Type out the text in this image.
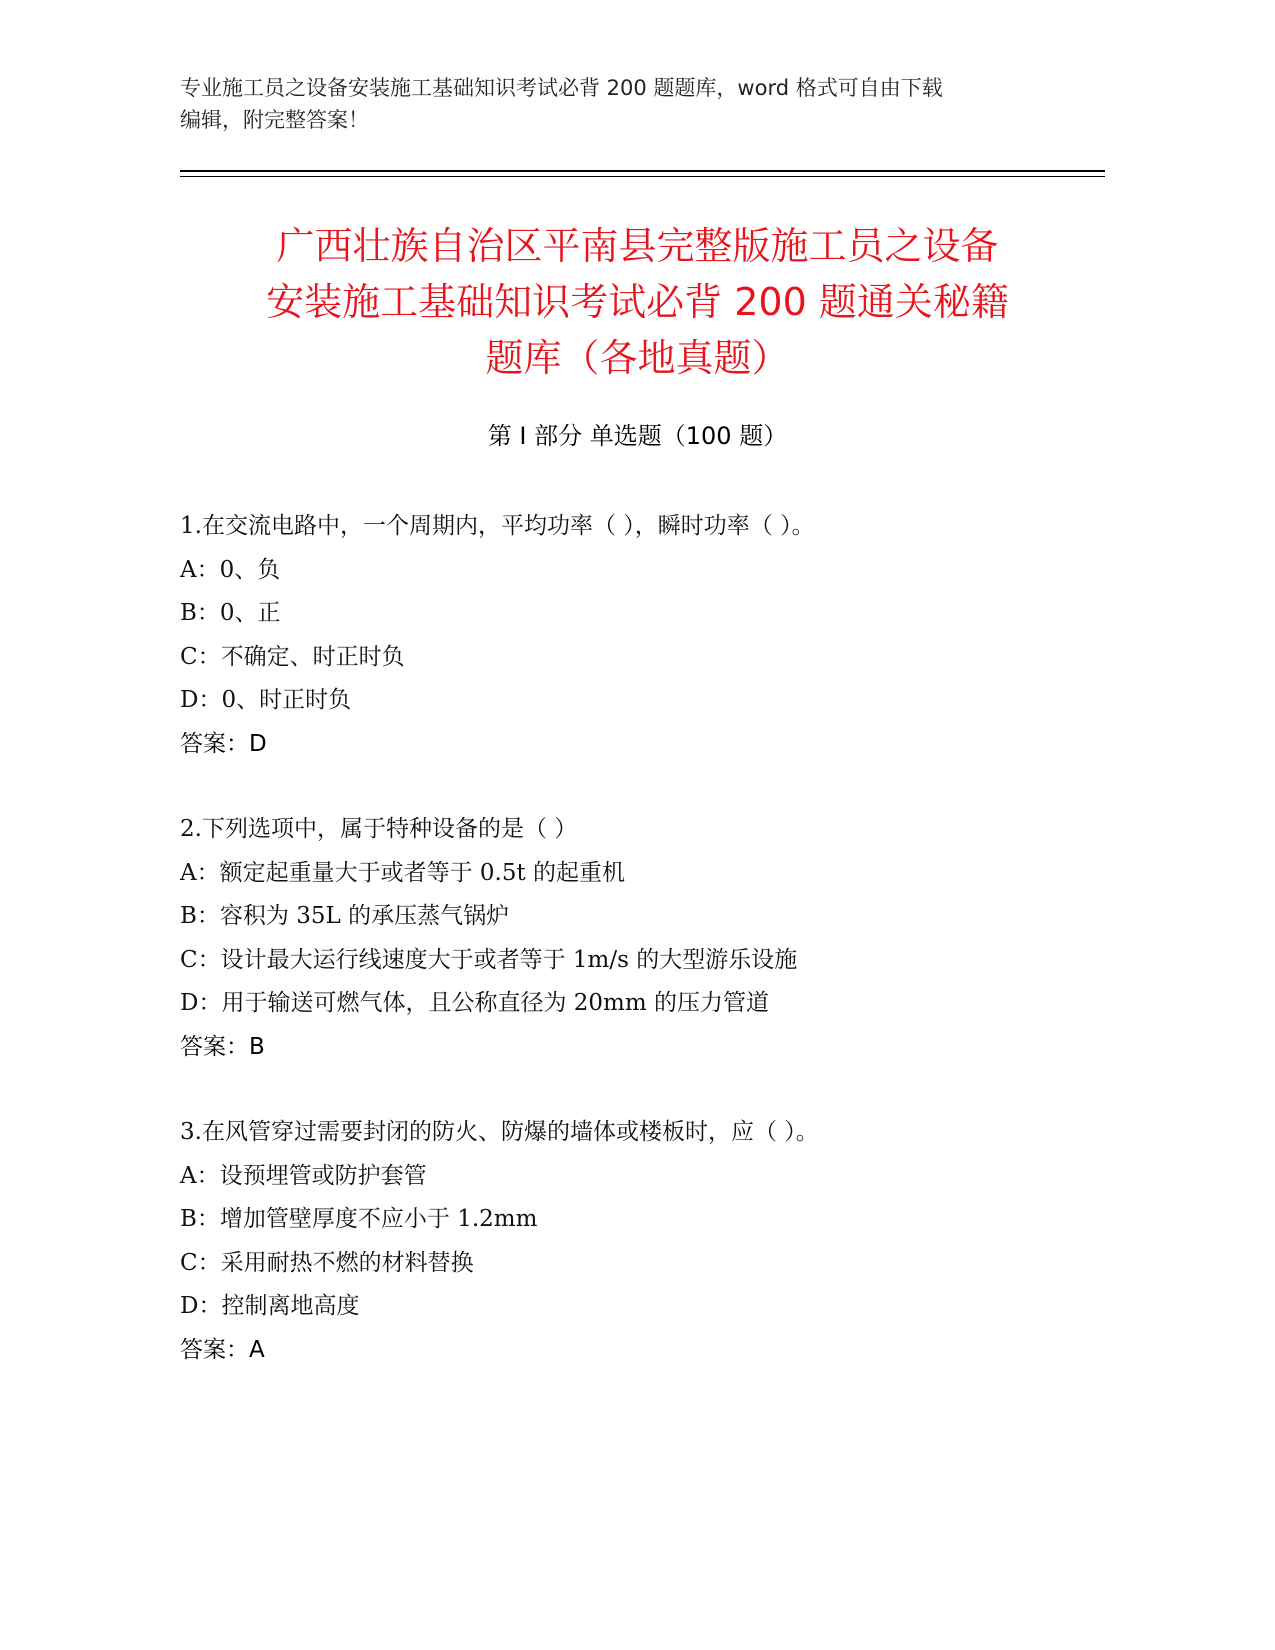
专业施工员之设备安装施工基础知识考试必背 200 题题库，word 格式可自由下载
编辑，附完整答案！
广西壮族自治区平南县完整版施工员之设备
安装施工基础知识考试必背 200 题通关秘籍
题库（各地真题）
第 I 部分 单选题（100 题）
1.在交流电路中，一个周期内，平均功率（ ），瞬时功率（ ）。
A：0、负
B：0、正
C：不确定、时正时负
D：0、时正时负
答案：D
2.下列选项中，属于特种设备的是（ ）
A：额定起重量大于或者等于 0.5t 的起重机
B：容积为 35L 的承压蒸气锅炉
C：设计最大运行线速度大于或者等于 1m/s 的大型游乐设施
D：用于输送可燃气体，且公称直径为 20mm 的压力管道
答案：B
3.在风管穿过需要封闭的防火、防爆的墙体或楼板时，应（ ）。
A：设预埋管或防护套管
B：增加管壁厚度不应小于 1.2mm
C：采用耐热不燃的材料替换
D：控制离地高度
答案：A
